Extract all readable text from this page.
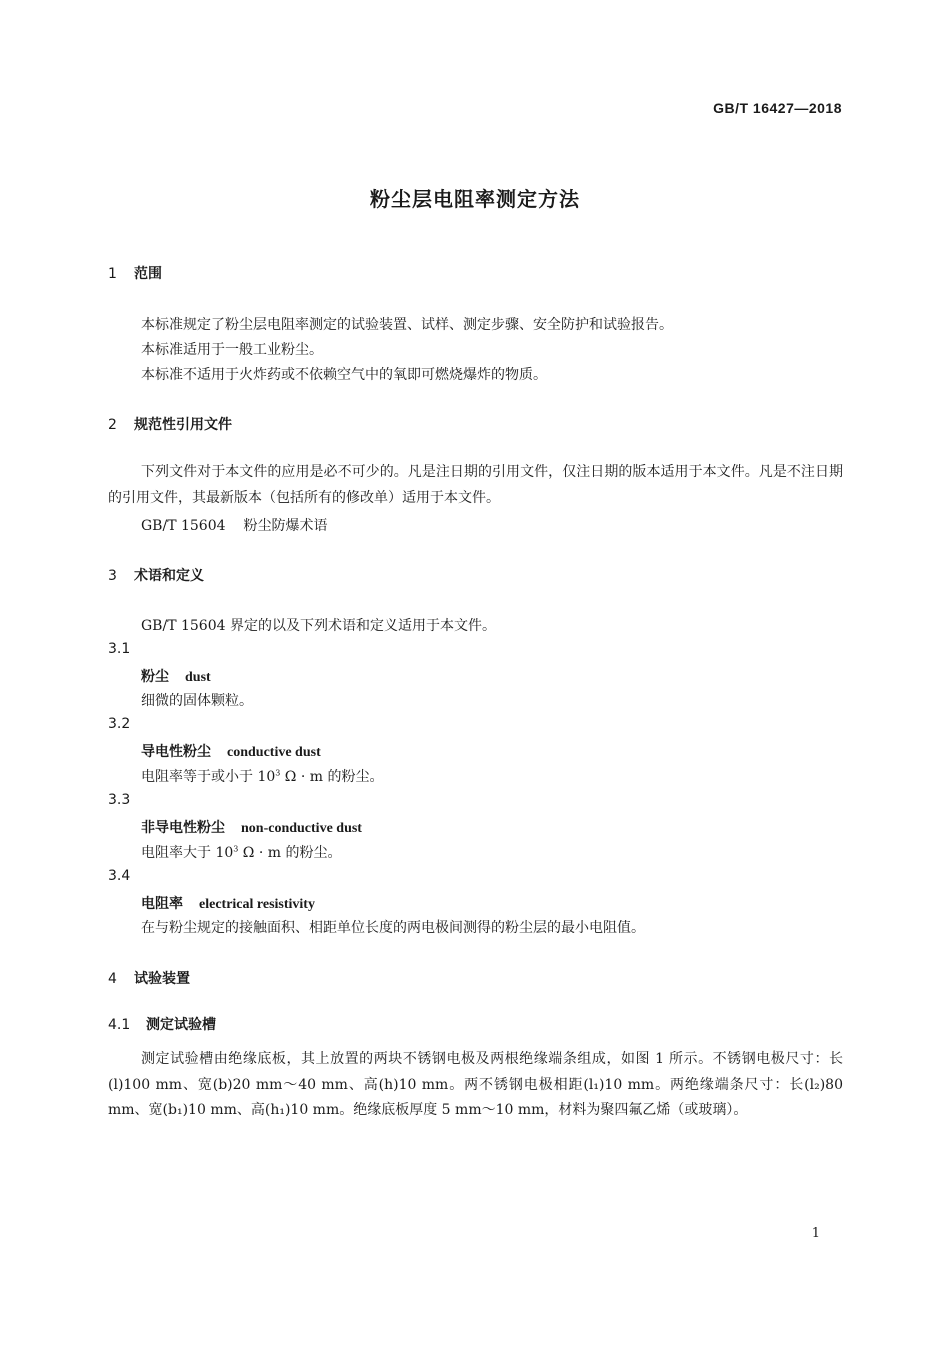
GB/T 16427—2018
粉尘层电阻率测定方法
1 范围
本标准规定了粉尘层电阻率测定的试验装置、试样、测定步骤、安全防护和试验报告。
本标准适用于一般工业粉尘。
本标准不适用于火炸药或不依赖空气中的氧即可燃烧爆炸的物质。
2 规范性引用文件
下列文件对于本文件的应用是必不可少的。凡是注日期的引用文件，仅注日期的版本适用于本文件。凡是不注日期的引用文件，其最新版本（包括所有的修改单）适用于本文件。
GB/T 15604 粉尘防爆术语
3 术语和定义
GB/T 15604 界定的以及下列术语和定义适用于本文件。
3.1
粉尘 dust
细微的固体颗粒。
3.2
导电性粉尘 conductive dust
电阻率等于或小于 $10^3$ Ω · m 的粉尘。
3.3
非导电性粉尘 non-conductive dust
电阻率大于 $10^3$ Ω · m 的粉尘。
3.4
电阻率 electrical resistivity
在与粉尘规定的接触面积、相距单位长度的两电极间测得的粉尘层的最小电阻值。
4 试验装置
4.1 测定试验槽
测定试验槽由绝缘底板，其上放置的两块不锈钢电极及两根绝缘端条组成，如图 1 所示。不锈钢电极尺寸：长(l)100 mm、宽(b)20 mm～40 mm、高(h)10 mm。两不锈钢电极相距(l₁)10 mm。两绝缘端条尺寸：长(l₂)80 mm、宽(b₁)10 mm、高(h₁)10 mm。绝缘底板厚度 5 mm～10 mm，材料为聚四氟乙烯（或玻璃）。
1
